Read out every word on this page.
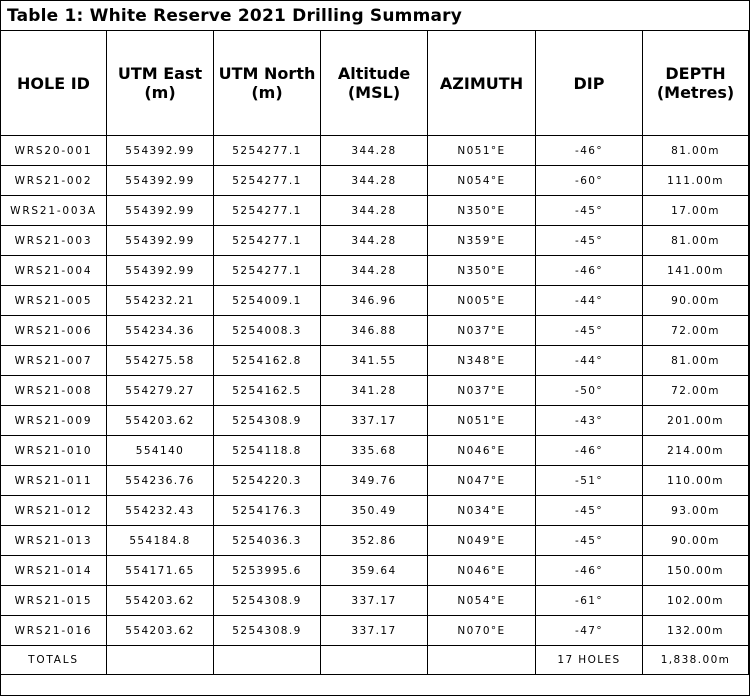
Table 1: White Reserve 2021 Drilling Summary
HOLE ID	UTM East (m)	UTM North (m)	Altitude (MSL)	AZIMUTH	DIP	DEPTH (Metres)
WRS20-001	554392.99	5254277.1	344.28	N051°E	-46°	81.00m
WRS21-002	554392.99	5254277.1	344.28	N054°E	-60°	111.00m
WRS21-003A	554392.99	5254277.1	344.28	N350°E	-45°	17.00m
WRS21-003	554392.99	5254277.1	344.28	N359°E	-45°	81.00m
WRS21-004	554392.99	5254277.1	344.28	N350°E	-46°	141.00m
WRS21-005	554232.21	5254009.1	346.96	N005°E	-44°	90.00m
WRS21-006	554234.36	5254008.3	346.88	N037°E	-45°	72.00m
WRS21-007	554275.58	5254162.8	341.55	N348°E	-44°	81.00m
WRS21-008	554279.27	5254162.5	341.28	N037°E	-50°	72.00m
WRS21-009	554203.62	5254308.9	337.17	N051°E	-43°	201.00m
WRS21-010	554140	5254118.8	335.68	N046°E	-46°	214.00m
WRS21-011	554236.76	5254220.3	349.76	N047°E	-51°	110.00m
WRS21-012	554232.43	5254176.3	350.49	N034°E	-45°	93.00m
WRS21-013	554184.8	5254036.3	352.86	N049°E	-45°	90.00m
WRS21-014	554171.65	5253995.6	359.64	N046°E	-46°	150.00m
WRS21-015	554203.62	5254308.9	337.17	N054°E	-61°	102.00m
WRS21-016	554203.62	5254308.9	337.17	N070°E	-47°	132.00m
TOTALS					17 HOLES	1,838.00m
